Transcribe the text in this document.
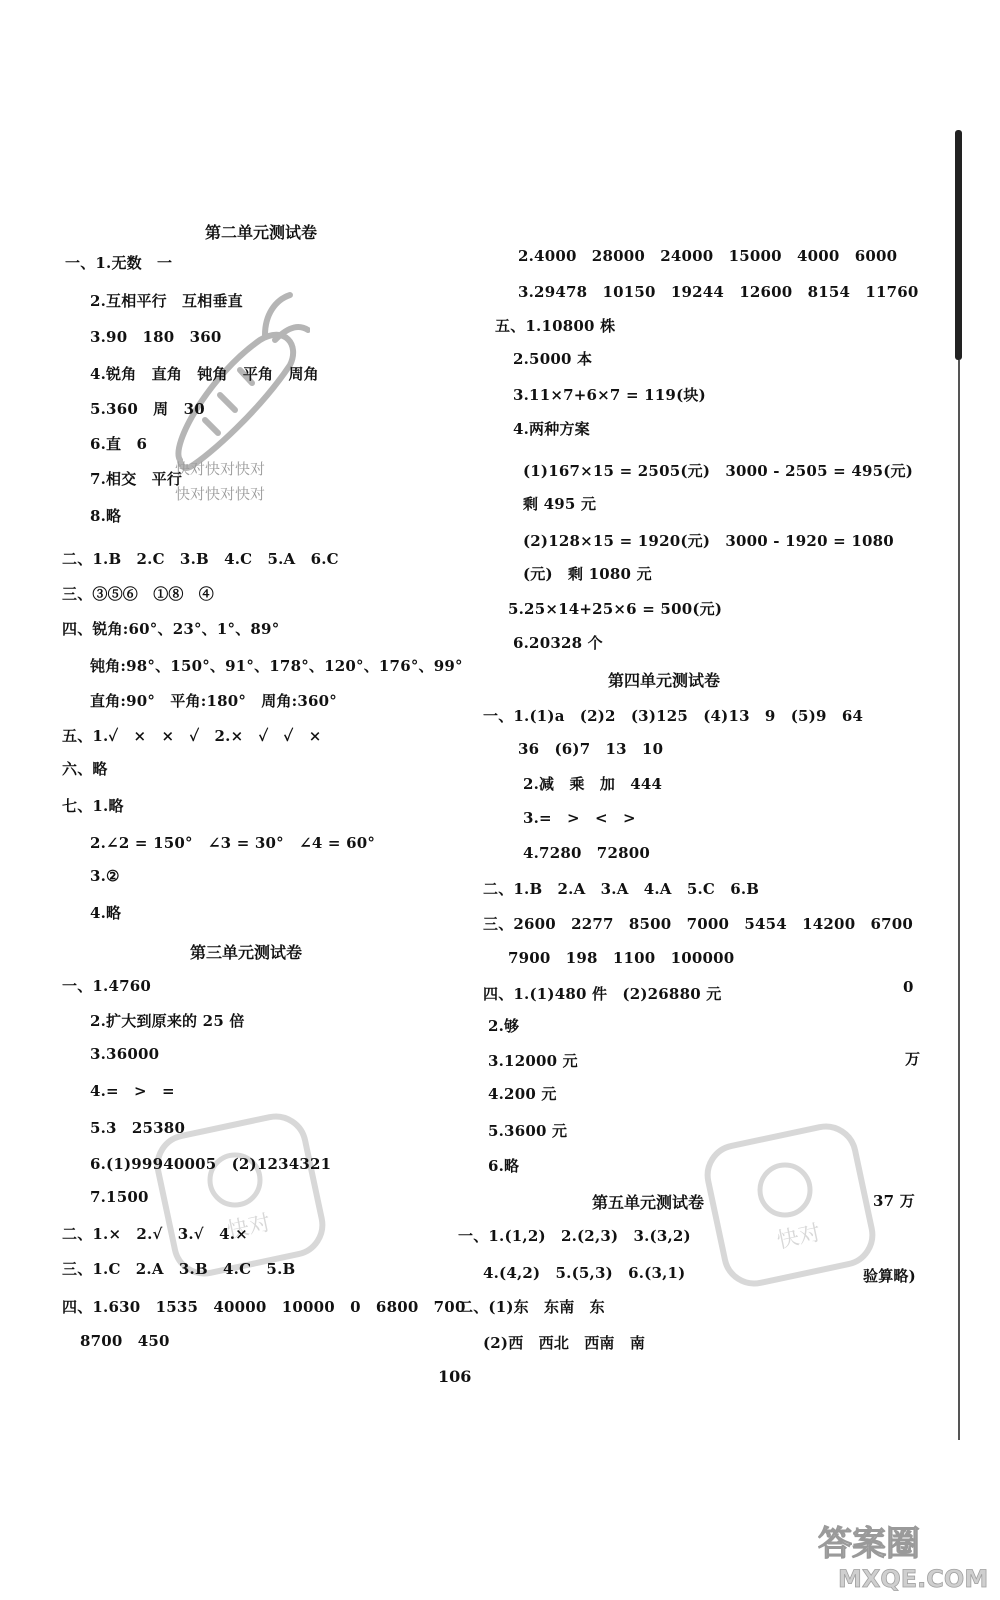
快对快对快对
快对快对快对
快对	快对
第二单元测试卷
一、1.无数　一
2.互相平行　互相垂直
3.90　180　360
4.锐角　直角　钝角　平角　周角
5.360　周　30
6.直　6
7.相交　平行
8.略
二、1.B　2.C　3.B　4.C　5.A　6.C
三、③⑤⑥　①⑧　④
四、锐角:60°、23°、1°、89°
钝角:98°、150°、91°、178°、120°、176°、99°
直角:90°　平角:180°　周角:360°
五、1.✓　×　×　✓　2.×　✓　✓　×
六、略
七、1.略
2.∠2 = 150°　∠3 = 30°　∠4 = 60°
3.②
4.略
第三单元测试卷
一、1.4760
2.扩大到原来的 25 倍
3.36000
4.=　>　=
5.3　25380
6.(1)99940005　(2)1234321
7.1500
二、1.×　2.√　3.√　4.×
三、1.C　2.A　3.B　4.C　5.B
四、1.630　1535　40000　10000　0　6800　700
8700　450
2.4000　28000　24000　15000　4000　6000
3.29478　10150　19244　12600　8154　11760
五、1.10800 株
2.5000 本
3.11×7+6×7 = 119(块)
4.两种方案
(1)167×15 = 2505(元)　3000 - 2505 = 495(元)
剩 495 元
(2)128×15 = 1920(元)　3000 - 1920 = 1080
(元)　剩 1080 元
5.25×14+25×6 = 500(元)
6.20328 个
第四单元测试卷
一、1.(1)a　(2)2　(3)125　(4)13　9　(5)9　64
36　(6)7　13　10
2.减　乘　加　444
3.=　>　<　>
4.7280　72800
二、1.B　2.A　3.A　4.A　5.C　6.B
三、2600　2277　8500　7000　5454　14200　6700
7900　198　1100　100000
四、1.(1)480 件　(2)26880 元
2.够
3.12000 元
4.200 元
5.3600 元
6.略
第五单元测试卷
一、1.(1,2)　2.(2,3)　3.(3,2)
4.(4,2)　5.(5,3)　6.(3,1)
二、(1)东　东南　东
(2)西　西北　西南　南
0
万
37 万
验算略)
106
答案圈
MXQE.COM
